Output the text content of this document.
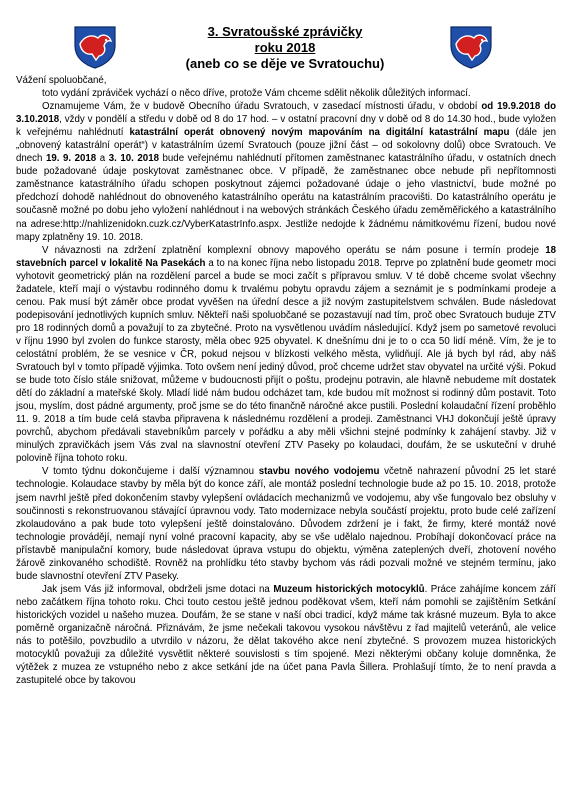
3. Svratoušské zprávičky
roku 2018
(aneb co se děje ve Svratouchu)

Vážení spoluobčané,

toto vydání zpráviček vychází o něco dříve, protože Vám chceme sdělit několik důležitých informací.

Oznamujeme Vám, že v budově Obecního úřadu Svratouch, v zasedací místnosti úřadu, v období od 19.9.2018 do 3.10.2018, vždy v pondělí a středu v době od 8 do 17 hod. – v ostatní pracovní dny v době od 8 do 14.30 hod., bude vyložen k veřejnému nahlédnutí katastrální operát obnovený novým mapováním na digitální katastrální mapu (dále jen „obnovený katastrální operát“) v katastrálním území Svratouch (pouze jižní část – od sokolovny dolů) obce Svratouch. Ve dnech 19. 9. 2018 a 3. 10. 2018 bude veřejnému nahlédnutí přítomen zaměstnanec katastrálního úřadu, v ostatních dnech bude požadované údaje poskytovat zaměstnanec obce. V případě, že zaměstnanec obce nebude při nepřítomnosti zaměstnance katastrálního úřadu schopen poskytnout zájemci požadované údaje o jeho vlastnictví, bude možné po předchozí dohodě nahlédnout do obnoveného katastrálního operátu na katastrálním pracovišti. Do katastrálního operátu je současně možné po dobu jeho vyložení nahlédnout i na webových stránkách Českého úřadu zeměměřického a katastrálního na adrese:http://nahlizenidokn.cuzk.cz/VyberKatastrInfo.aspx. Jestliže nedojde k žádnému námitkovému řízení, budou nové mapy zplatněny 19. 10. 2018.

V návaznosti na zdržení zplatnění komplexní obnovy mapového operátu se nám posune i termín prodeje 18 stavebních parcel v lokalitě Na Pasekách a to na konec října nebo listopadu 2018. Teprve po zplatnění bude geometr moci vyhotovit geometrický plán na rozdělení parcel a bude se moci začít s přípravou smluv. V té době chceme svolat všechny žadatele, kteří mají o výstavbu rodinného domu k trvalému pobytu opravdu zájem a seznámit je s podmínkami prodeje a cenou. Pak musí být záměr obce prodat vyvěšen na úřední desce a již novým zastupitelstvem schválen. Bude následovat podepisování jednotlivých kupních smluv. Někteří naši spoluobčané se pozastavují nad tím, proč obec Svratouch buduje ZTV pro 18 rodinných domů a považují to za zbytečné. Proto na vysvětlenou uvádím následující. Když jsem po sametové revoluci v říjnu 1990 byl zvolen do funkce starosty, měla obec 925 obyvatel. K dnešnímu dni je to o cca 50 lidí méně. Vím, že je to celostátní problém, že se vesnice v ČR, pokud nejsou v blízkosti velkého města, vylidňují. Ale já bych byl rád, aby náš Svratouch byl v tomto případě výjimka. Toto ovšem není jediný důvod, proč chceme udržet stav obyvatel na určité výši. Pokud se bude toto číslo stále snižovat, můžeme v budoucnosti přijít o poštu, prodejnu potravin, ale hlavně nebudeme mít dostatek dětí do základní a mateřské školy. Mladí lidé nám budou odcházet tam, kde budou mít možnost si rodinný dům postavit. Toto jsou, myslím, dost pádné argumenty, proč jsme se do této finančně náročné akce pustili. Poslední kolaudační řízení proběhlo 11. 9. 2018 a tím bude celá stavba připravena k následnému rozdělení a prodeji. Zaměstnanci VHJ dokončují ještě úpravy povrchů, abychom předávali stavebníkům parcely v pořádku a aby měli všichni stejné podmínky k zahájení stavby. Již v minulých zpravičkách jsem Vás zval na slavnostní otevření ZTV Paseky po kolaudaci, doufám, že se uskuteční v druhé polovině října tohoto roku.

V tomto týdnu dokončujeme i další významnou stavbu nového vodojemu včetně nahrazení původní 25 let staré technologie. Kolaudace stavby by měla být do konce září, ale montáž poslední technologie bude až po 15. 10. 2018, protože jsem navrhl ještě před dokončením stavby vylepšení ovládacích mechanizmů ve vodojemu, aby vše fungovalo bez obsluhy v součinnosti s rekonstruovanou stávající úpravnou vody. Tato modernizace nebyla součástí projektu, proto bude celé zařízení zkolaudováno a pak bude toto vylepšení ještě doinstalováno. Důvodem zdržení je i fakt, že firmy, které montáž nové technologie provádějí, nemají nyní volné pracovní kapacity, aby se vše udělalo najednou. Probíhají dokončovací práce na přístavbě manipulační komory, bude následovat úprava vstupu do objektu, výměna zateplených dveří, zhotovení nového žárově zinkovaného schodiště. Rovněž na prohlídku této stavby bychom vás rádi pozvali možné ve stejném termínu, jako bude slavnostní otevření ZTV Paseky.

Jak jsem Vás již informoval, obdrželi jsme dotaci na Muzeum historických motocyklů. Práce zahájíme koncem září nebo začátkem října tohoto roku. Chci touto cestou ještě jednou poděkovat všem, kteří nám pomohli se zajištěním Setkání historických vozidel u našeho muzea. Doufám, že se stane v naší obci tradicí, když máme tak krásné muzeum. Byla to akce poměrně organizačně náročná. Přiznávám, že jsme nečekali takovou vysokou návštěvu z řad majitelů veteránů, ale velice nás to potěšilo, povzbudilo a utvrdilo v názoru, že dělat takového akce není zbytečné. S provozem muzea historických motocyklů považuji za důležité vysvětlit některé souvislosti s tím spojené. Mezi některými občany koluje domněnka, že výtěžek z muzea ze vstupného nebo z akce setkání jde na účet pana Pavla Šillera. Prohlašují tímto, že to není pravda a zastupitelé obce by takovou
